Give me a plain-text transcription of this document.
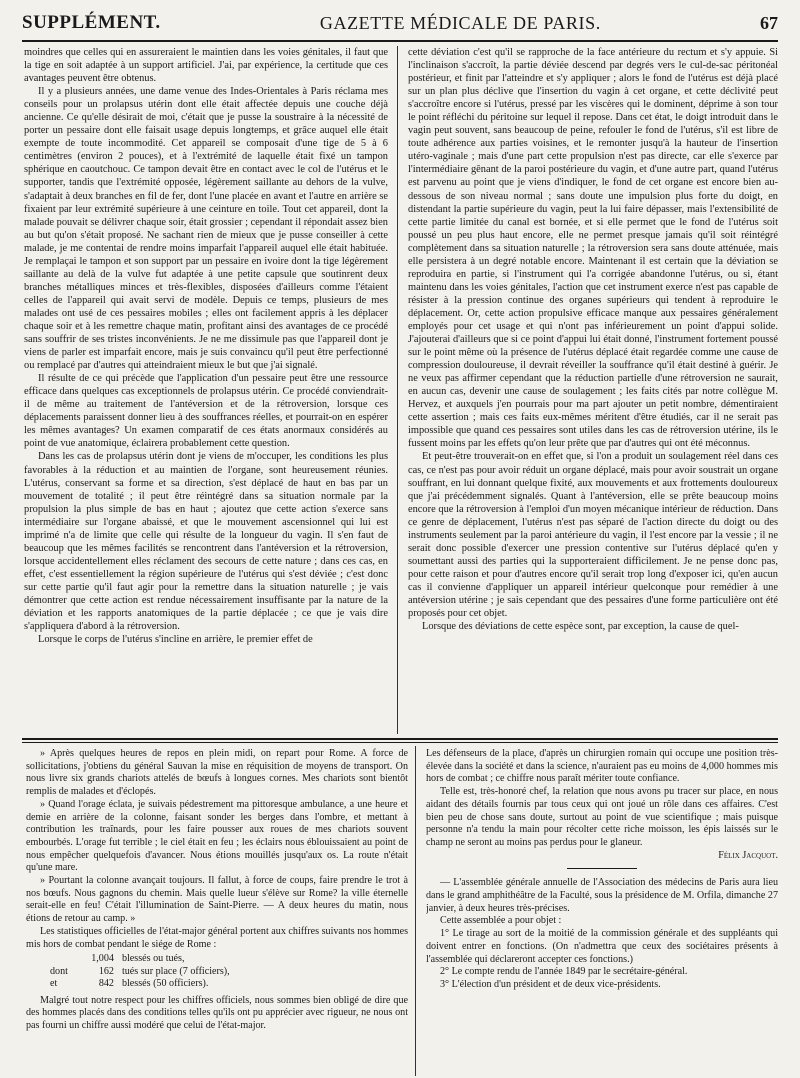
SUPPLÉMENT.	GAZETTE MÉDICALE DE PARIS.	67

moindres que celles qui en assureraient le maintien dans les voies génitales, il faut que la tige en soit adaptée à un support artificiel. J'ai, par expérience, la certitude que ces avantages peuvent être obtenus.

Il y a plusieurs années, une dame venue des Indes-Orientales à Paris réclama mes conseils pour un prolapsus utérin dont elle était affectée depuis une couche déjà ancienne. Ce qu'elle désirait de moi, c'était que je pusse la soustraire à la nécessité de porter un pessaire dont elle faisait usage depuis longtemps, et grâce auquel elle était exempte de toute incommodité. Cet appareil se composait d'une tige de 5 à 6 centimètres (environ 2 pouces), et à l'extrémité de laquelle était fixé un tampon sphérique en caoutchouc. Ce tampon devait être en contact avec le col de l'utérus et le supporter, tandis que l'extrémité opposée, légèrement saillante au dehors de la vulve, s'adaptait à deux branches en fil de fer, dont l'une placée en avant et l'autre en arrière se fixaient par leur extrémité supérieure à une ceinture en toile. Tout cet appareil, dont la malade pouvait se délivrer chaque soir, était grossier ; cependant il répondait assez bien au but qu'on s'était proposé. Ne sachant rien de mieux que je pusse conseiller à cette malade, je me contentai de rendre moins imparfait l'appareil auquel elle était habituée. Je remplaçai le tampon et son support par un pessaire en ivoire dont la tige légèrement saillante au delà de la vulve fut adaptée à une petite capsule que soutinrent deux branches métalliques minces et très-flexibles, disposées d'ailleurs comme l'étaient celles de l'appareil qui avait servi de modèle. Depuis ce temps, plusieurs de mes malades ont usé de ces pessaires mobiles ; elles ont facilement appris à les déplacer chaque soir et à les remettre chaque matin, profitant ainsi des avantages de ce procédé sans souffrir de ses tristes inconvénients. Je ne me dissimule pas que l'appareil dont je viens de parler est imparfait encore, mais je suis convaincu qu'il peut être perfectionné ou remplacé par d'autres qui atteindraient mieux le but que j'ai signalé.

Il résulte de ce qui précède que l'application d'un pessaire peut être une ressource efficace dans quelques cas exceptionnels de prolapsus utérin. Ce procédé conviendrait-il de même au traitement de l'antéversion et de la rétroversion, lorsque ces déplacements paraissent donner lieu à des souffrances réelles, et pourrait-on en espérer les mêmes avantages? Un examen comparatif de ces états anormaux considérés au point de vue anatomique, éclairera probablement cette question.

Dans les cas de prolapsus utérin dont je viens de m'occuper, les conditions les plus favorables à la réduction et au maintien de l'organe, sont heureusement réunies. L'utérus, conservant sa forme et sa direction, s'est déplacé de haut en bas par un mouvement de totalité ; il peut être réintégré dans sa situation normale par la propulsion la plus simple de bas en haut ; ajoutez que cette action s'exerce sans intermédiaire sur l'organe abaissé, et que le mouvement ascensionnel qui lui est imprimé n'a de limite que celle qui résulte de la longueur du vagin. Il s'en faut de beaucoup que les mêmes facilités se rencontrent dans l'antéversion et la rétroversion, lorsque accidentellement elles réclament des secours de cette nature ; dans ces cas, en effet, c'est essentiellement la région supérieure de l'utérus qui s'est déviée ; c'est donc sur cette partie qu'il faut agir pour la remettre dans la situation naturelle ; je vais démontrer que cette action est rendue nécessairement insuffisante par la nature de la déviation et les rapports anatomiques de la partie déplacée ; ce que je vais dire s'appliquera d'abord à la rétroversion.

Lorsque le corps de l'utérus s'incline en arrière, le premier effet de

cette déviation c'est qu'il se rapproche de la face antérieure du rectum et s'y appuie. Si l'inclinaison s'accroît, la partie déviée descend par degrés vers le cul-de-sac péritonéal postérieur, et finit par l'atteindre et s'y appliquer ; alors le fond de l'utérus est déjà placé sur un plan plus déclive que l'insertion du vagin à cet organe, et cette déclivité peut s'accroître encore si l'utérus, pressé par les viscères qui le dominent, déprime à son tour le point réfléchi du péritoine sur lequel il repose. Dans cet état, le doigt introduit dans le vagin peut souvent, sans beaucoup de peine, refouler le fond de l'utérus, s'il est libre de toute adhérence aux parties voisines, et le remonter jusqu'à la hauteur de l'insertion utéro-vaginale ; mais d'une part cette propulsion n'est pas directe, car elle s'exerce par l'intermédiaire gênant de la paroi postérieure du vagin, et d'une autre part, quand l'utérus est parvenu au point que je viens d'indiquer, le fond de cet organe est encore bien au-dessous de son niveau normal ; sans doute une impulsion plus forte du doigt, en distendant la partie supérieure du vagin, peut la lui faire dépasser, mais l'extensibilité de cette partie limitée du canal est bornée, et si elle permet que le fond de l'utérus soit poussé un peu plus haut encore, elle ne permet presque jamais qu'il soit réintégré complètement dans sa situation naturelle ; la rétroversion sera sans doute atténuée, mais elle persistera à un degré notable encore. Maintenant il est certain que la déviation se reproduira en partie, si l'instrument qui l'a corrigée abandonne l'utérus, ou si, étant maintenu dans les voies génitales, l'action que cet instrument exerce n'est pas capable de résister à la pression continue des organes supérieurs qui tendent à reproduire le déplacement. Or, cette action propulsive efficace manque aux pessaires généralement employés pour cet usage et qui n'ont pas inférieurement un point d'appui solide. J'ajouterai d'ailleurs que si ce point d'appui lui était donné, l'instrument fortement poussé sur le point même où la présence de l'utérus déplacé était regardée comme une cause de compression douloureuse, il devrait réveiller la souffrance qu'il était destiné à guérir. Je ne veux pas affirmer cependant que la réduction partielle d'une rétroversion ne saurait, en aucun cas, devenir une cause de soulagement ; les faits cités par notre collègue M. Hervez, et auxquels j'en pourrais pour ma part ajouter un petit nombre, démentiraient cette assertion ; mais ces faits eux-mêmes méritent d'être étudiés, car il ne serait pas impossible que quand ces pessaires sont utiles dans les cas de rétroversion utérine, ils le fussent moins par les effets qu'on leur prête que par d'autres qui ont été méconnus.

Et peut-être trouverait-on en effet que, si l'on a produit un soulagement réel dans ces cas, ce n'est pas pour avoir réduit un organe déplacé, mais pour avoir soustrait un organe souffrant, en lui donnant quelque fixité, aux mouvements et aux frottements douloureux que j'ai précédemment signalés. Quant à l'antéversion, elle se prête beaucoup moins encore que la rétroversion à l'emploi d'un moyen mécanique intérieur de réduction. Dans ce genre de déplacement, l'utérus n'est pas séparé de l'action directe du doigt ou des instruments seulement par la paroi antérieure du vagin, il l'est encore par la vessie ; il ne serait donc possible d'exercer une pression contentive sur l'utérus déplacé qu'en y soumettant aussi des parties qui la supporteraient difficilement. Je ne pense donc pas, pour cette raison et pour d'autres encore qu'il serait trop long d'exposer ici, qu'en aucun cas il convienne d'appliquer un appareil intérieur quelconque pour remédier à une antéversion utérine ; je sais cependant que des pessaires d'une forme particulière ont été proposés pour cet objet.

Lorsque des déviations de cette espèce sont, par exception, la cause de quel-

» Après quelques heures de repos en plein midi, on repart pour Rome. A force de sollicitations, j'obtiens du général Sauvan la mise en réquisition de moyens de transport. On nous livre six grands chariots attelés de bœufs à longues cornes. Mes chariots sont bientôt remplis de malades et d'éclopés.

» Quand l'orage éclata, je suivais pédestrement ma pittoresque ambulance, a une heure et demie en arrière de la colonne, faisant sonder les berges dans l'ombre, et mettant à contribution les traînards, pour les faire pousser aux roues de mes chariots souvent embourbés. L'orage fut terrible ; le ciel était en feu ; les éclairs nous éblouissaient au point de nous empêcher quelquefois d'avancer. Nous étions mouillés jusqu'aux os. La route n'était qu'une mare.

» Pourtant la colonne avançait toujours. Il fallut, à force de coups, faire prendre le trot à nos bœufs. Nous gagnons du chemin. Mais quelle lueur s'élève sur Rome? la ville éternelle serait-elle en feu! C'était l'illumination de Saint-Pierre. — A deux heures du matin, nous étions de retour au camp. »

Les statistiques officielles de l'état-major général portent aux chiffres suivants nos hommes mis hors de combat pendant le siége de Rome :

	1,004	blessés ou tués,
dont	162	tués sur place (7 officiers),
et	842	blessés (50 officiers).

Malgré tout notre respect pour les chiffres officiels, nous sommes bien obligé de dire que des hommes placés dans des conditions telles qu'ils ont pu apprécier avec rigueur, ne nous ont pas fourni un chiffre aussi modéré que celui de l'état-major.

Les défenseurs de la place, d'après un chirurgien romain qui occupe une position très-élevée dans la société et dans la science, n'auraient pas eu moins de 4,000 hommes mis hors de combat ; ce chiffre nous paraît mériter toute confiance.

Telle est, très-honoré chef, la relation que nous avons pu tracer sur place, en nous aidant des détails fournis par tous ceux qui ont joué un rôle dans ces affaires. C'est bien peu de chose sans doute, surtout au point de vue scientifique ; mais puisque personne n'a tendu la main pour récolter cette riche moisson, les épis laissés sur le champ ne seront au moins pas perdus pour le glaneur.

Félix Jacquot.

— L'assemblée générale annuelle de l'Association des médecins de Paris aura lieu dans le grand amphithéâtre de la Faculté, sous la présidence de M. Orfila, dimanche 27 janvier, à deux heures très-précises.

Cette assemblée a pour objet :

1° Le tirage au sort de la moitié de la commission générale et des suppléants qui doivent entrer en fonctions. (On n'admettra que ceux des sociétaires présents à l'assemblée qui déclareront accepter ces fonctions.)

2° Le compte rendu de l'année 1849 par le secrétaire-général.

3° L'élection d'un président et de deux vice-présidents.
